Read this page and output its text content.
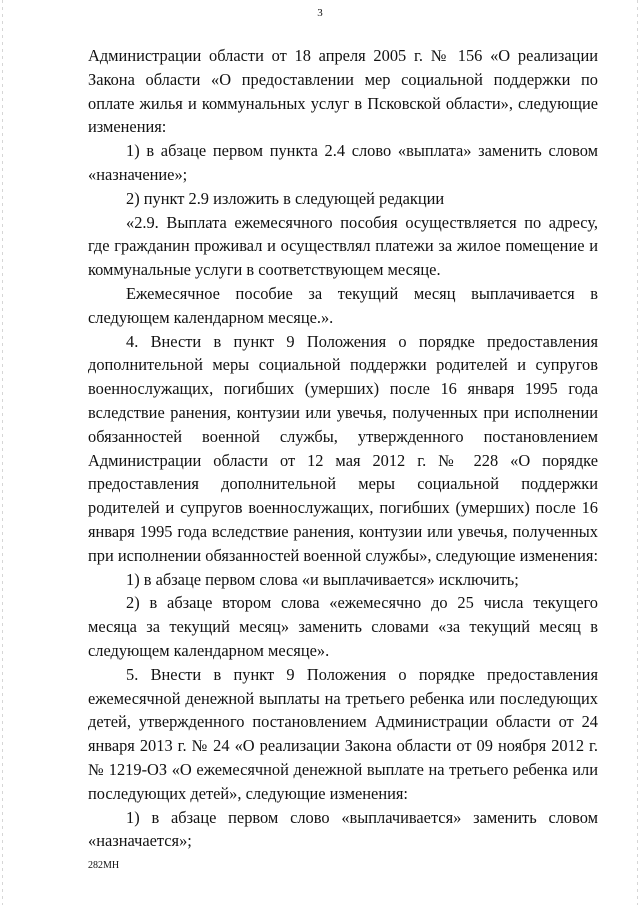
3

Администрации области от 18 апреля 2005 г. № 156 «О реализации Закона области «О предоставлении мер социальной поддержки по оплате жилья и коммунальных услуг в Псковской области», следующие изменения:

1) в абзаце первом пункта 2.4 слово «выплата» заменить словом «назначение»;

2) пункт 2.9 изложить в следующей редакции

«2.9. Выплата ежемесячного пособия осуществляется по адресу, где гражданин проживал и осуществлял платежи за жилое помещение и коммунальные услуги в соответствующем месяце.

Ежемесячное пособие за текущий месяц выплачивается в следующем календарном месяце.».

4. Внести в пункт 9 Положения о порядке предоставления дополнительной меры социальной поддержки родителей и супругов военнослужащих, погибших (умерших) после 16 января 1995 года вследствие ранения, контузии или увечья, полученных при исполнении обязанностей военной службы, утвержденного постановлением Администрации области от 12 мая 2012 г. № 228 «О порядке предоставления дополнительной меры социальной поддержки родителей и супругов военнослужащих, погибших (умерших) после 16 января 1995 года вследствие ранения, контузии или увечья, полученных при исполнении обязанностей военной службы», следующие изменения:

1) в абзаце первом слова «и выплачивается» исключить;

2) в абзаце втором слова «ежемесячно до 25 числа текущего месяца за текущий месяц» заменить словами «за текущий месяц в следующем календарном месяце».

5. Внести в пункт 9 Положения о порядке предоставления ежемесячной денежной выплаты на третьего ребенка или последующих детей, утвержденного постановлением Администрации области от 24 января 2013 г. № 24 «О реализации Закона области от 09 ноября 2012 г. № 1219-ОЗ «О ежемесячной денежной выплате на третьего ребенка или последующих детей», следующие изменения:

1) в абзаце первом слово «выплачивается» заменить словом «назначается»;

282МН
